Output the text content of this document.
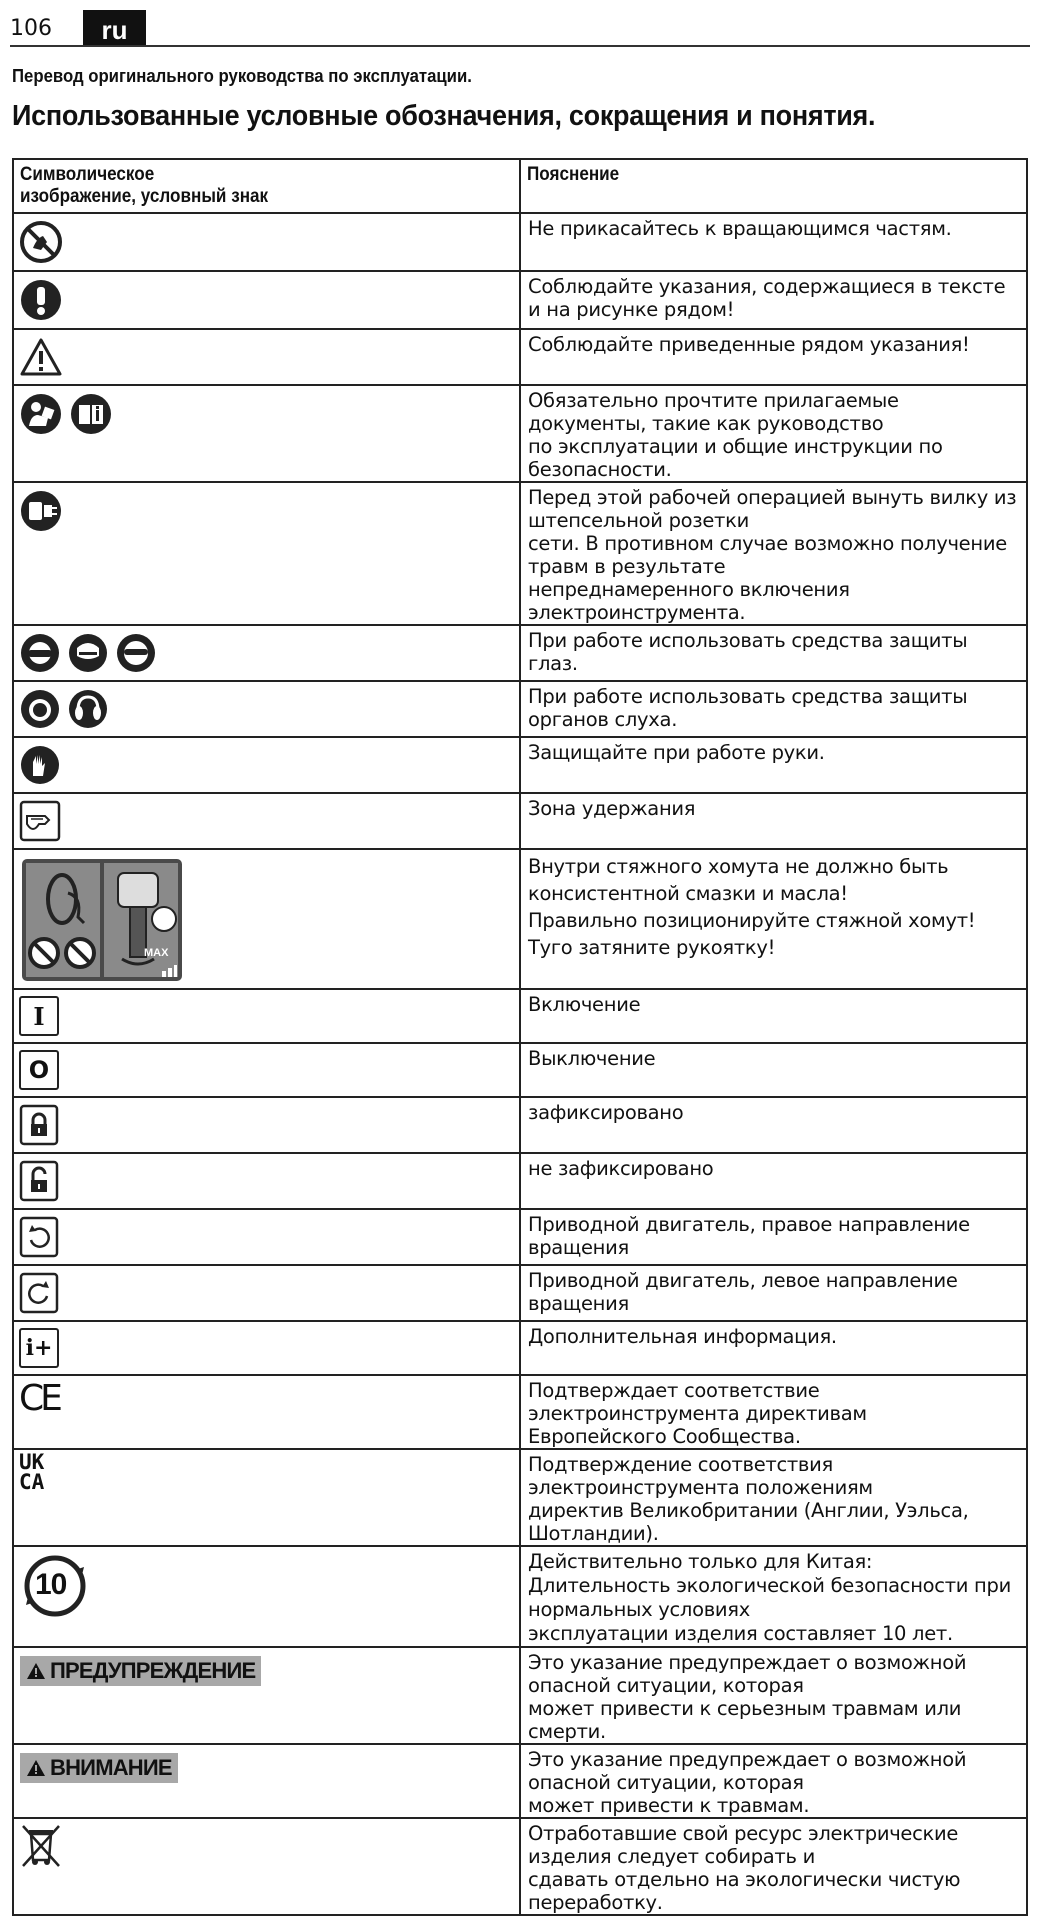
106	ru
Перевод оригинального руководства по эксплуатации.
Использованные условные обозначения, сокращения и понятия.
Символическое
изображение, условный знак	Пояснение

Не прикасайтесь к вращающимся частям.

Соблюдайте указания, содержащиеся в тексте и на рисунке рядом!

Соблюдайте приведенные рядом указания!

Обязательно прочтите прилагаемые документы, такие как руководство
по эксплуатации и общие инструкции по безопасности.

Перед этой рабочей операцией вынуть вилку из штепсельной розетки
сети. В противном случае возможно получение травм в результате
непреднамеренного включения электроинструмента.

При работе использовать средства защиты глаз.

При работе использовать средства защиты органов слуха.

Защищайте при работе руки.

Зона удержания

MAX	Внутри стяжного хомута не должно быть консистентной смазки и масла!
Правильно позиционируйте стяжной хомут!
Туго затяните рукоятку!

I	Включение

O	Выключение

зафиксировано

не зафиксировано

Приводной двигатель, правое направление вращения

Приводной двигатель, левое направление вращения

i+	Дополнительная информация.

CE	Подтверждает соответствие электроинструмента директивам
Европейского Сообщества.

UK
CA	Подтверждение соответствия электроинструмента положениям
директив Великобритании (Англии, Уэльса, Шотландии).

10	Действительно только для Китая:
Длительность экологической безопасности при нормальных условиях
эксплуатации изделия составляет 10 лет.

ПРЕДУПРЕЖДЕНИЕ	Это указание предупреждает о возможной опасной ситуации, которая
может привести к серьезным травмам или смерти.

ВНИМАНИЕ	Это указание предупреждает о возможной опасной ситуации, которая
может привести к травмам.

Отработавшие свой ресурс электрические изделия следует собирать и
сдавать отдельно на экологически чистую переработку.
